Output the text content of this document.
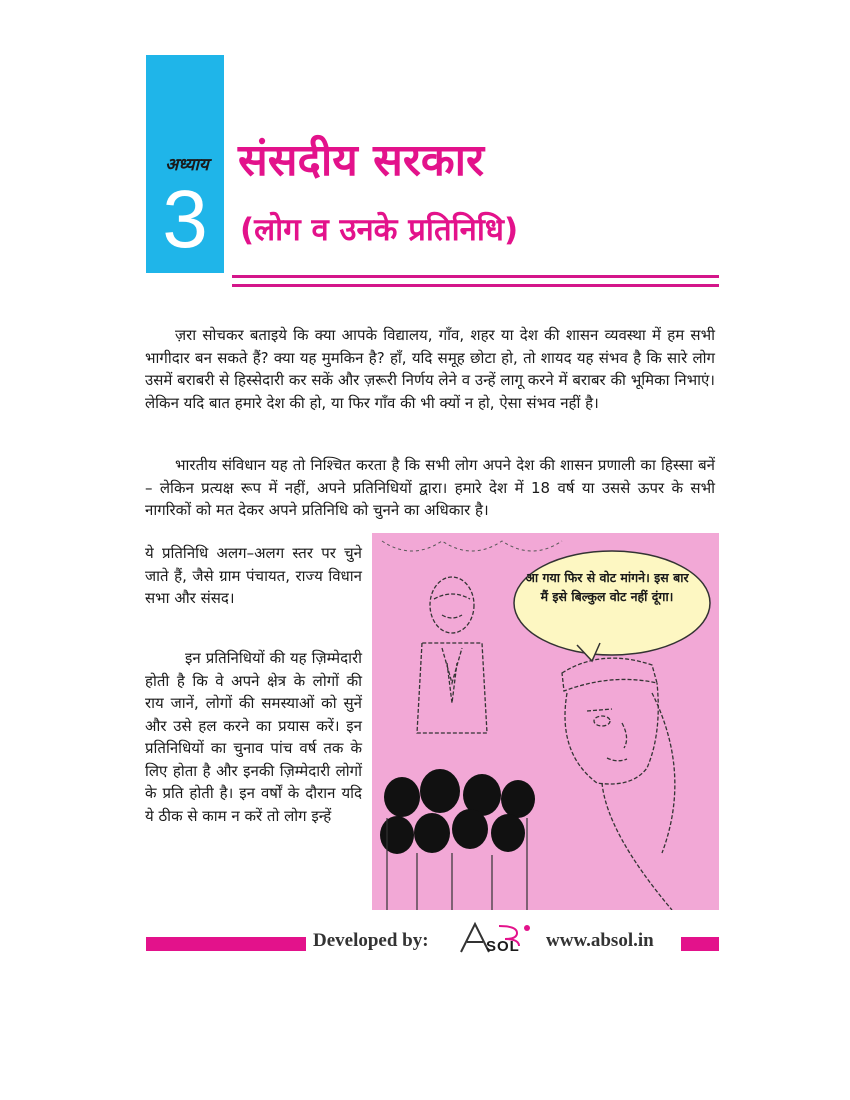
अध्याय
3
संसदीय सरकार
(लोग व उनके प्रतिनिधि)
ज़रा सोचकर बताइये कि क्या आपके विद्यालय, गाँव, शहर या देश की शासन व्यवस्था में हम सभी भागीदार बन सकते हैं? क्या यह मुमकिन है? हाँ, यदि समूह छोटा हो, तो शायद यह संभव है कि सारे लोग उसमें बराबरी से हिस्सेदारी कर सकें और ज़रूरी निर्णय लेने व उन्हें लागू करने में बराबर की भूमिका निभाएं। लेकिन यदि बात हमारे देश की हो, या फिर गाँव की भी क्यों न हो, ऐसा संभव नहीं है।
भारतीय संविधान यह तो निश्चित करता है कि सभी लोग अपने देश की शासन प्रणाली का हिस्सा बनें – लेकिन प्रत्यक्ष रूप में नहीं, अपने प्रतिनिधियों द्वारा। हमारे देश में 18 वर्ष या उससे ऊपर के सभी नागरिकों को मत देकर अपने प्रतिनिधि को चुनने का अधिकार है।
ये प्रतिनिधि अलग–अलग स्तर पर चुने जाते हैं, जैसे ग्राम पंचायत, राज्य विधान सभा और संसद।
इन प्रतिनिधियों की यह ज़िम्मेदारी होती है कि वे अपने क्षेत्र के लोगों की राय जानें, लोगों की समस्याओं को सुनें और उसे हल करने का प्रयास करें। इन प्रतिनिधियों का चुनाव पांच वर्ष तक के लिए होता है और इनकी ज़िम्मेदारी लोगों के प्रति होती है। इन वर्षों के दौरान यदि ये ठीक से काम न करें तो लोग इन्हें
आ गया फिर से वोट मांगने। इस बार मैं इसे बिल्कुल वोट नहीं दूंगा।
Developed by:	SOL www.absol.in
